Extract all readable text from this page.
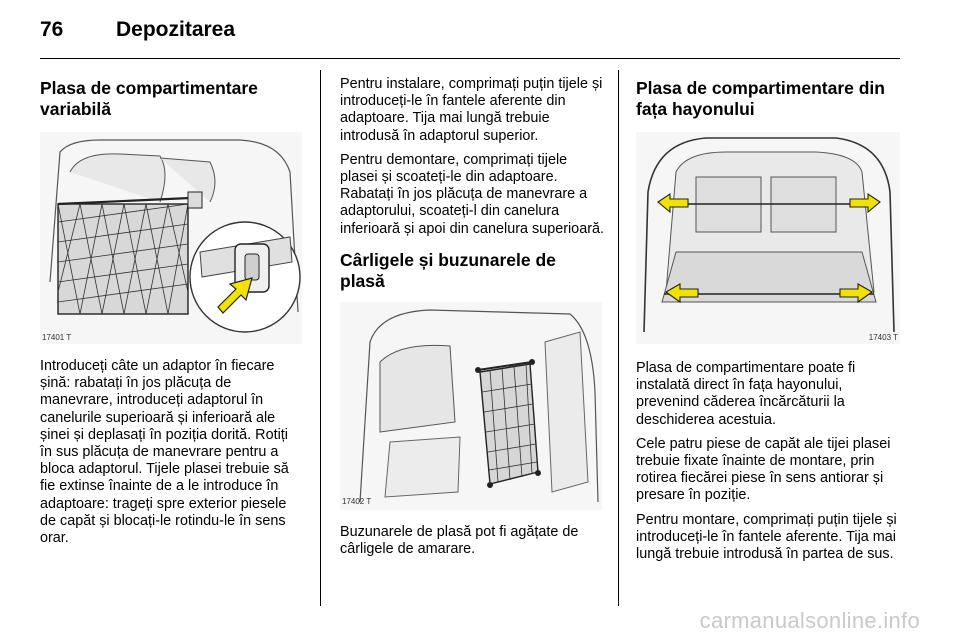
76	Depozitarea
Plasa de compartimentare variabilă
17401 T

Introduceți câte un adaptor în fiecare șină: rabatați în jos plăcuța de manevrare, introduceți adaptorul în canelurile superioară și inferioară ale șinei și deplasați în poziția dorită. Rotiți în sus plăcuța de manevrare pentru a bloca adaptorul. Tijele plasei trebuie să fie extinse înainte de a le introduce în adaptoare: trageți spre exterior piesele de capăt și blocați-le rotindu-le în sens orar.

Pentru instalare, comprimați puțin tijele și introduceți-le în fantele aferente din adaptoare. Tija mai lungă trebuie introdusă în adaptorul superior.

Pentru demontare, comprimați tijele plasei și scoateți-le din adaptoare. Rabatați în jos plăcuța de manevrare a adaptorului, scoateți-l din canelura inferioară și apoi din canelura superioară.

Cârligele și buzunarele de plasă
17402 T

Buzunarele de plasă pot fi agățate de cârligele de amarare.

Plasa de compartimentare din fața hayonului
17403 T

Plasa de compartimentare poate fi instalată direct în fața hayonului, prevenind căderea încărcăturii la deschiderea acestuia.

Cele patru piese de capăt ale tijei plasei trebuie fixate înainte de montare, prin rotirea fiecărei piese în sens antiorar și presare în poziție.

Pentru montare, comprimați puțin tijele și introduceți-le în fantele aferente. Tija mai lungă trebuie introdusă în partea de sus.

carmanualsonline.info
